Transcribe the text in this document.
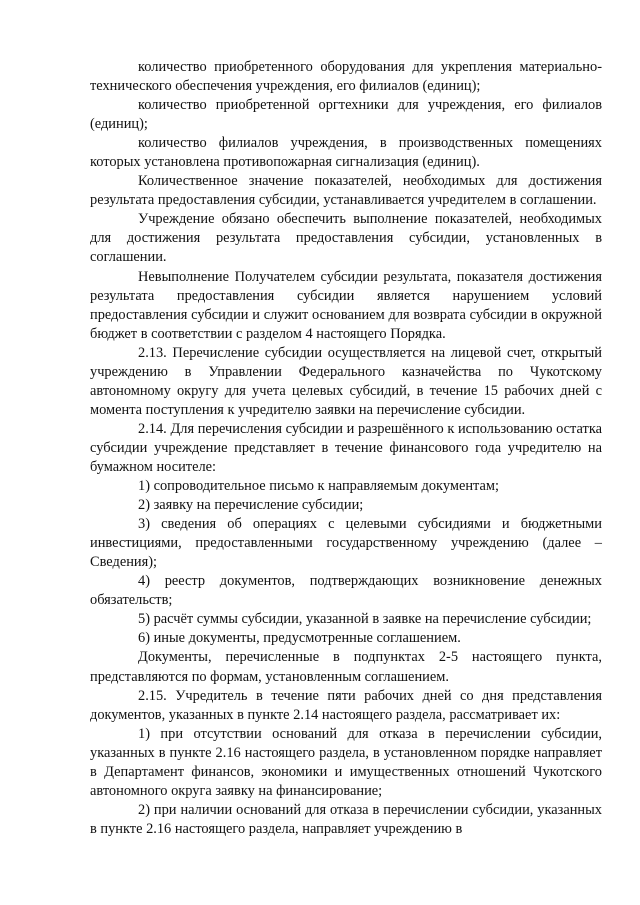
количество приобретенного оборудования для укрепления материально-технического обеспечения учреждения, его филиалов (единиц);

количество приобретенной оргтехники для учреждения, его филиалов (единиц);

количество филиалов учреждения, в производственных помещениях которых установлена противопожарная сигнализация (единиц).

Количественное значение показателей, необходимых для достижения результата предоставления субсидии, устанавливается учредителем в соглашении.

Учреждение обязано обеспечить выполнение показателей, необходимых для достижения результата предоставления субсидии, установленных в соглашении.

Невыполнение Получателем субсидии результата, показателя достижения результата предоставления субсидии является нарушением условий предоставления субсидии и служит основанием для возврата субсидии в окружной бюджет в соответствии с разделом 4 настоящего Порядка.

2.13. Перечисление субсидии осуществляется на лицевой счет, открытый учреждению в Управлении Федерального казначейства по Чукотскому автономному округу для учета целевых субсидий, в течение 15 рабочих дней с момента поступления к учредителю заявки на перечисление субсидии.

2.14. Для перечисления субсидии и разрешённого к использованию остатка субсидии учреждение представляет в течение финансового года учредителю на бумажном носителе:

1) сопроводительное письмо к направляемым документам;

2) заявку на перечисление субсидии;

3) сведения об операциях с целевыми субсидиями и бюджетными инвестициями, предоставленными государственному учреждению (далее – Сведения);

4) реестр документов, подтверждающих возникновение денежных обязательств;

5) расчёт суммы субсидии, указанной в заявке на перечисление субсидии;

6) иные документы, предусмотренные соглашением.

Документы, перечисленные в подпунктах 2-5 настоящего пункта, представляются по формам, установленным соглашением.

2.15. Учредитель в течение пяти рабочих дней со дня представления документов, указанных в пункте 2.14 настоящего раздела, рассматривает их:

1) при отсутствии оснований для отказа в перечислении субсидии, указанных в пункте 2.16 настоящего раздела, в установленном порядке направляет в Департамент финансов, экономики и имущественных отношений Чукотского автономного округа заявку на финансирование;

2) при наличии оснований для отказа в перечислении субсидии, указанных в пункте 2.16 настоящего раздела, направляет учреждению в
